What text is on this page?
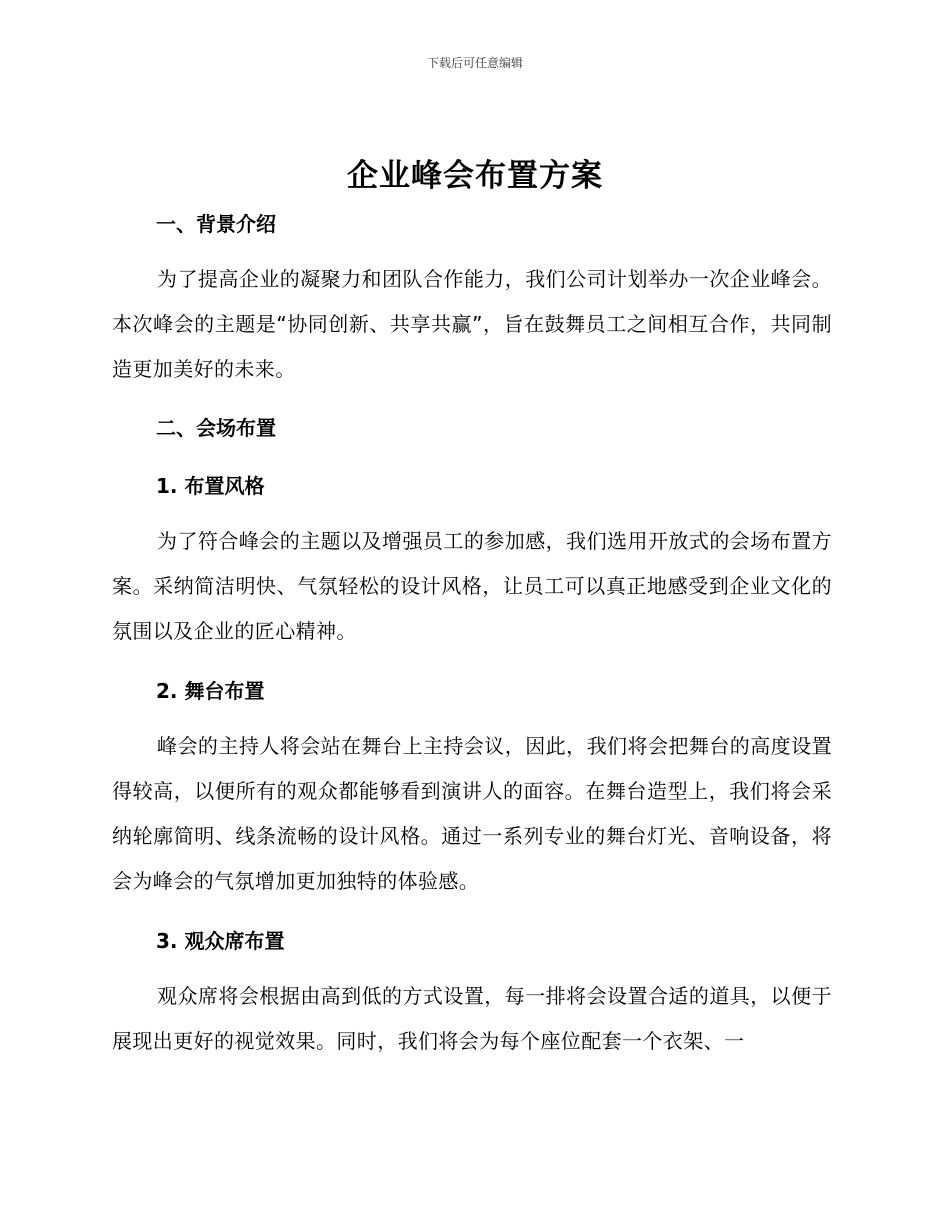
下载后可任意编辑
企业峰会布置方案
一、背景介绍
为了提高企业的凝聚力和团队合作能力，我们公司计划举办一次企业峰会。本次峰会的主题是“协同创新、共享共赢”，旨在鼓舞员工之间相互合作，共同制造更加美好的未来。
二、会场布置
1. 布置风格
为了符合峰会的主题以及增强员工的参加感，我们选用开放式的会场布置方案。采纳简洁明快、气氛轻松的设计风格，让员工可以真正地感受到企业文化的氛围以及企业的匠心精神。
2. 舞台布置
峰会的主持人将会站在舞台上主持会议，因此，我们将会把舞台的高度设置得较高，以便所有的观众都能够看到演讲人的面容。在舞台造型上，我们将会采纳轮廓简明、线条流畅的设计风格。通过一系列专业的舞台灯光、音响设备，将会为峰会的气氛增加更加独特的体验感。
3. 观众席布置
观众席将会根据由高到低的方式设置，每一排将会设置合适的道具，以便于展现出更好的视觉效果。同时，我们将会为每个座位配套一个衣架、一
